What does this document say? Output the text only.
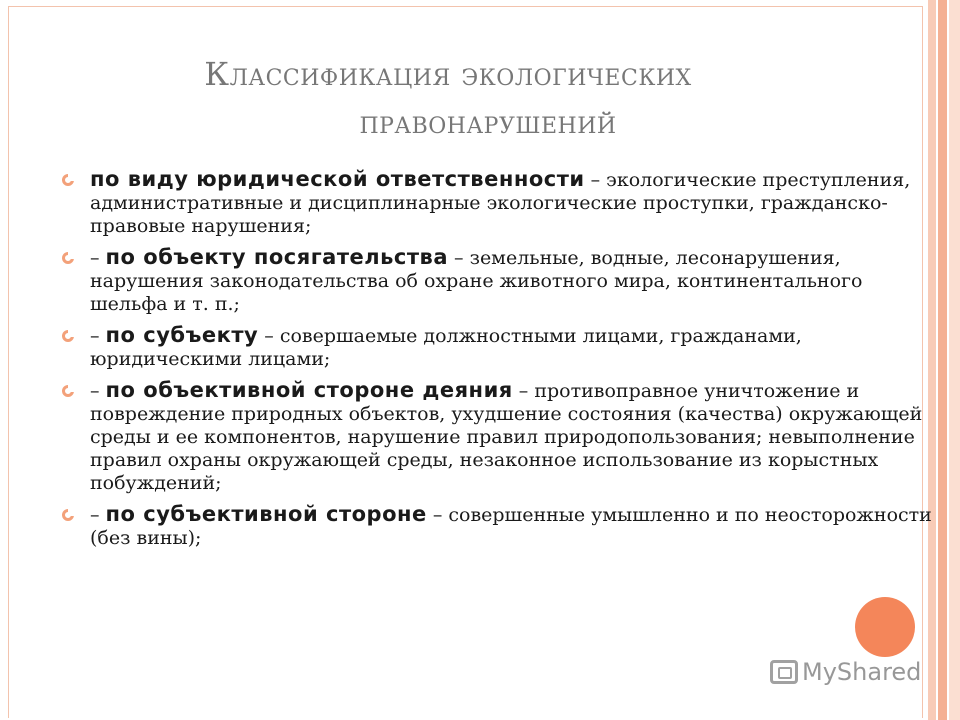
Классификация экологических
правонарушений
по виду юридической ответственности – экологические преступления, административные и дисциплинарные экологические проступки, гражданско-правовые нарушения;
– по объекту посягательства – земельные, водные, лесонарушения, нарушения законодательства об охране животного мира, континентального шельфа и т. п.;
– по субъекту – совершаемые должностными лицами, гражданами, юридическими лицами;
– по объективной стороне деяния – противоправное уничтожение и повреждение природных объектов, ухудшение состояния (качества) окружающей среды и ее компонентов, нарушение правил природопользования; невыполнение правил охраны окружающей среды, незаконное использование из корыстных побуждений;
– по субъективной стороне – совершенные умышленно и по неосторожности (без вины);
MyShared
